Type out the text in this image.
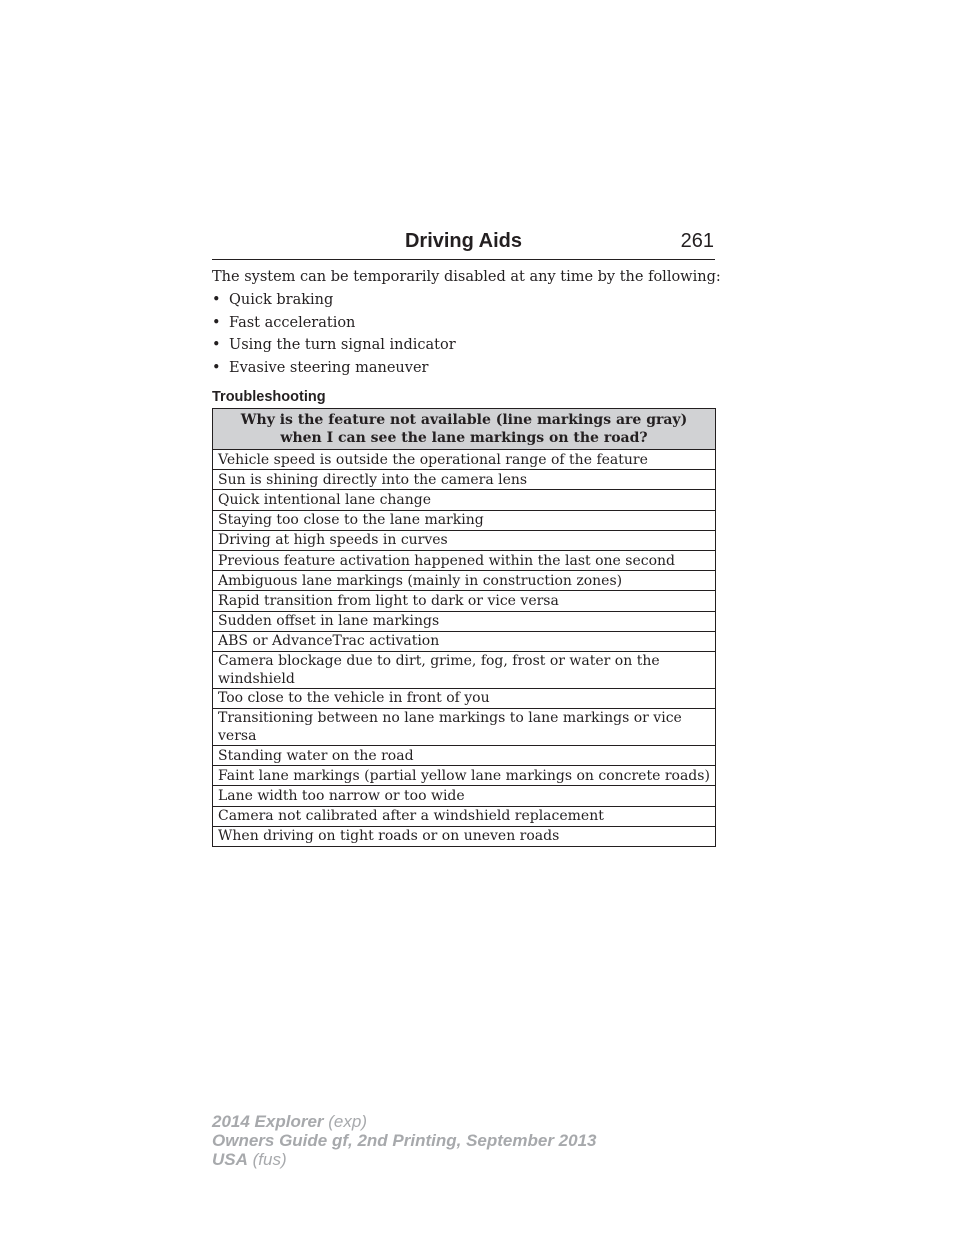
Driving Aids	261
The system can be temporarily disabled at any time by the following:
• Quick braking
• Fast acceleration
• Using the turn signal indicator
• Evasive steering maneuver
Troubleshooting
Why is the feature not available (line markings are gray) when I can see the lane markings on the road?
Vehicle speed is outside the operational range of the feature
Sun is shining directly into the camera lens
Quick intentional lane change
Staying too close to the lane marking
Driving at high speeds in curves
Previous feature activation happened within the last one second
Ambiguous lane markings (mainly in construction zones)
Rapid transition from light to dark or vice versa
Sudden offset in lane markings
ABS or AdvanceTrac activation
Camera blockage due to dirt, grime, fog, frost or water on the windshield
Too close to the vehicle in front of you
Transitioning between no lane markings to lane markings or vice versa
Standing water on the road
Faint lane markings (partial yellow lane markings on concrete roads)
Lane width too narrow or too wide
Camera not calibrated after a windshield replacement
When driving on tight roads or on uneven roads
2014 Explorer (exp)
Owners Guide gf, 2nd Printing, September 2013
USA (fus)
